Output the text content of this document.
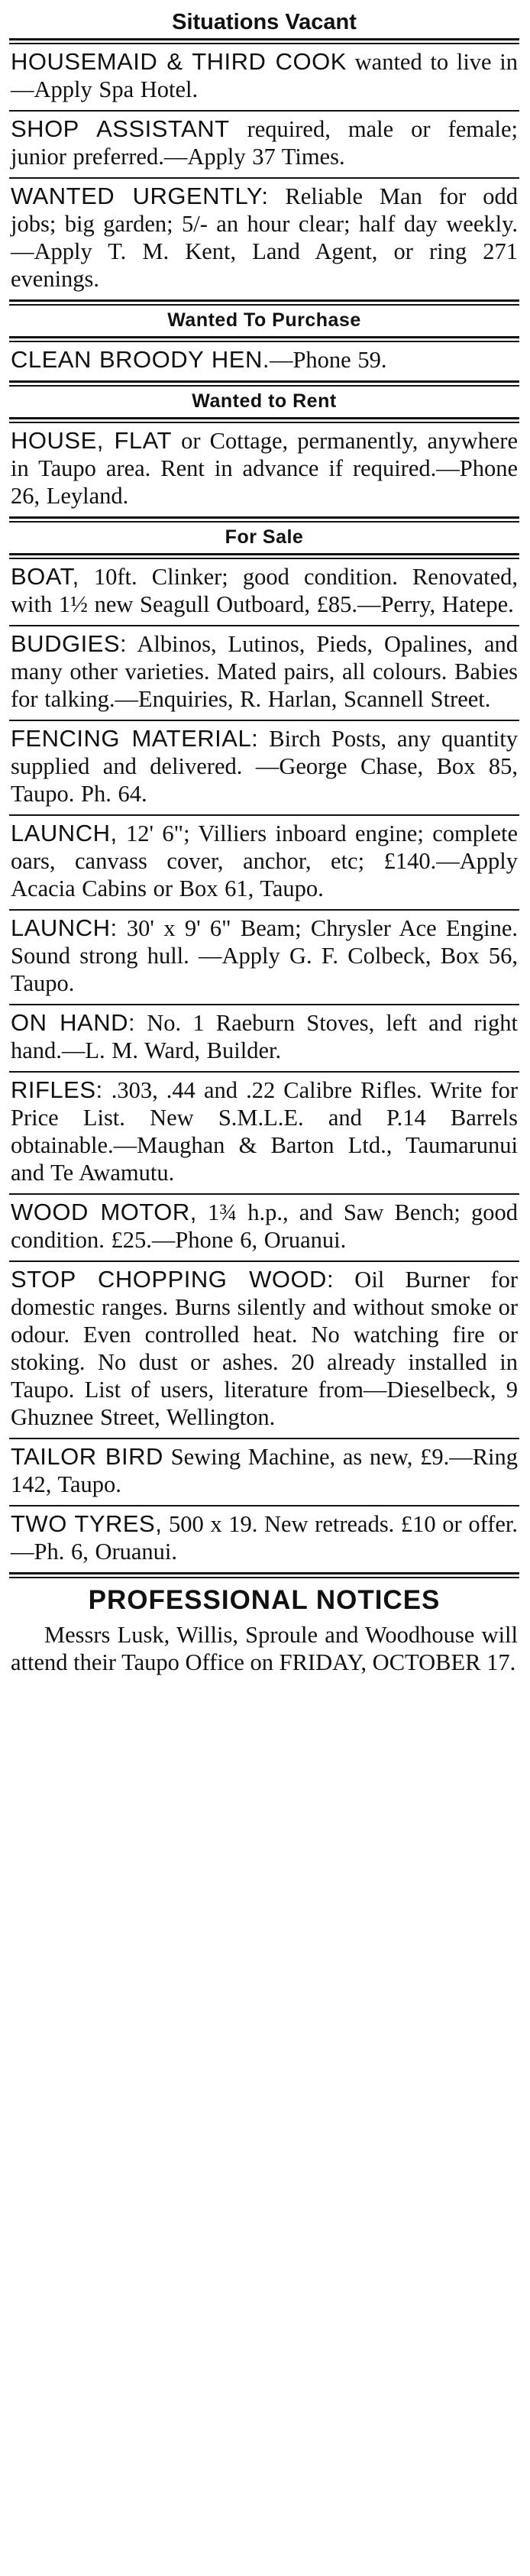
Situations Vacant
HOUSEMAID & THIRD COOK wanted to live in—Apply Spa Hotel.
SHOP ASSISTANT required, male or female; junior preferred.—Apply 37 Times.
WANTED URGENTLY: Reliable Man for odd jobs; big garden; 5/- an hour clear; half day weekly.—Apply T. M. Kent, Land Agent, or ring 271 evenings.
Wanted To Purchase
CLEAN BROODY HEN.—Phone 59.
Wanted to Rent
HOUSE, FLAT or Cottage, permanently, anywhere in Taupo area. Rent in advance if required.—Phone 26, Leyland.
For Sale
BOAT, 10ft. Clinker; good condition. Renovated, with 1½ new Seagull Outboard, £85.—Perry, Hatepe.
BUDGIES: Albinos, Lutinos, Pieds, Opalines, and many other varieties. Mated pairs, all colours. Babies for talking.—Enquiries, R. Harlan, Scannell Street.
FENCING MATERIAL: Birch Posts, any quantity supplied and delivered. —George Chase, Box 85, Taupo. Ph. 64.
LAUNCH, 12' 6"; Villiers inboard engine; complete oars, canvass cover, anchor, etc; £140.—Apply Acacia Cabins or Box 61, Taupo.
LAUNCH: 30' x 9' 6" Beam; Chrysler Ace Engine. Sound strong hull. —Apply G. F. Colbeck, Box 56, Taupo.
ON HAND: No. 1 Raeburn Stoves, left and right hand.—L. M. Ward, Builder.
RIFLES: .303, .44 and .22 Calibre Rifles. Write for Price List. New S.M.L.E. and P.14 Barrels obtainable.—Maughan & Barton Ltd., Taumarunui and Te Awamutu.
WOOD MOTOR, 1¾ h.p., and Saw Bench; good condition. £25.—Phone 6, Oruanui.
STOP CHOPPING WOOD: Oil Burner for domestic ranges. Burns silently and without smoke or odour. Even controlled heat. No watching fire or stoking. No dust or ashes. 20 already installed in Taupo. List of users, literature from—Dieselbeck, 9 Ghuznee Street, Wellington.
TAILOR BIRD Sewing Machine, as new, £9.—Ring 142, Taupo.
TWO TYRES, 500 x 19. New retreads. £10 or offer.—Ph. 6, Oruanui.
PROFESSIONAL NOTICES
Messrs Lusk, Willis, Sproule and Woodhouse will attend their Taupo Office on FRIDAY, OCTOBER 17.
